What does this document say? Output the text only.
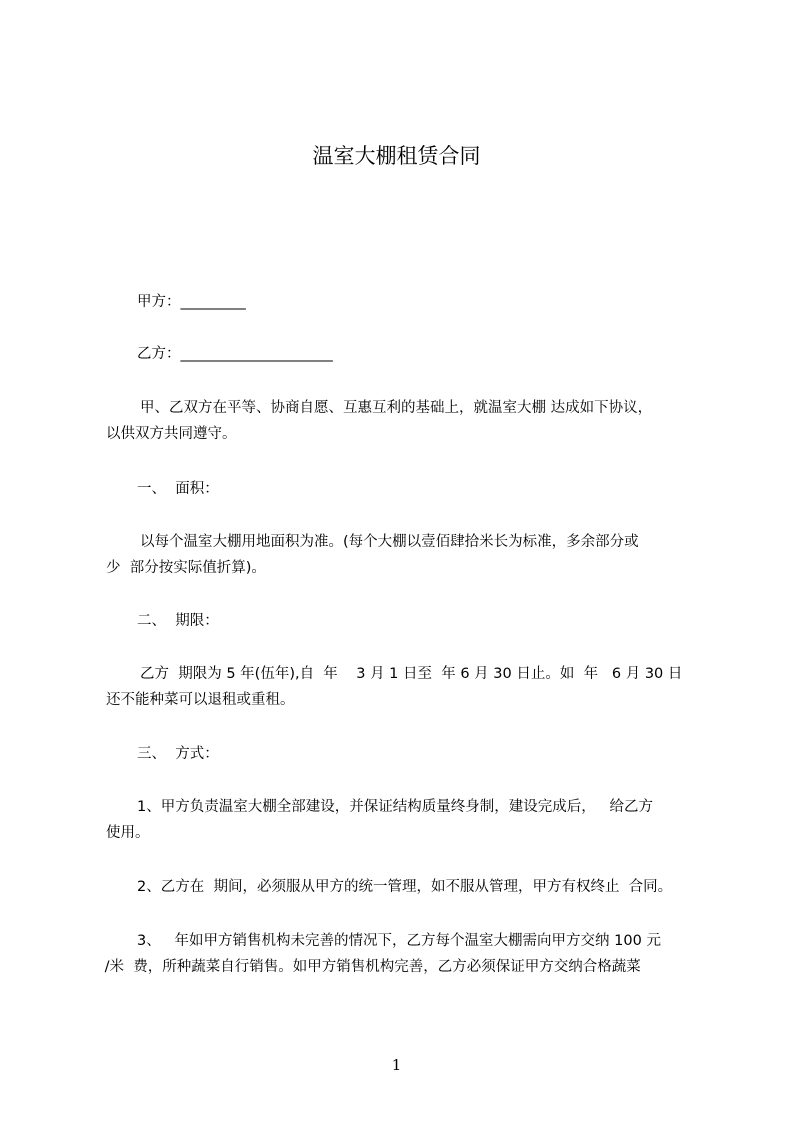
温室大棚租赁合同
甲方：_________
乙方：_____________________
甲、乙双方在平等、协商自愿、互惠互利的基础上，就温室大棚 达成如下协议，
以供双方共同遵守。
一、  面积：
以每个温室大棚用地面积为准。(每个大棚以壹佰肆拾米长为标准，多余部分或
少  部分按实际值折算)。
二、  期限：
乙方  期限为 5 年(伍年),自  年    3 月 1 日至  年 6 月 30 日止。如  年   6 月 30 日
还不能种菜可以退租或重租。
三、  方式：
1、甲方负责温室大棚全部建设，并保证结构质量终身制，建设完成后，   给乙方
使用。
2、乙方在  期间，必须服从甲方的统一管理，如不服从管理，甲方有权终止  合同。
3、   年如甲方销售机构未完善的情况下，乙方每个温室大棚需向甲方交纳 100 元
/米  费，所种蔬菜自行销售。如甲方销售机构完善，乙方必须保证甲方交纳合格蔬菜
1
